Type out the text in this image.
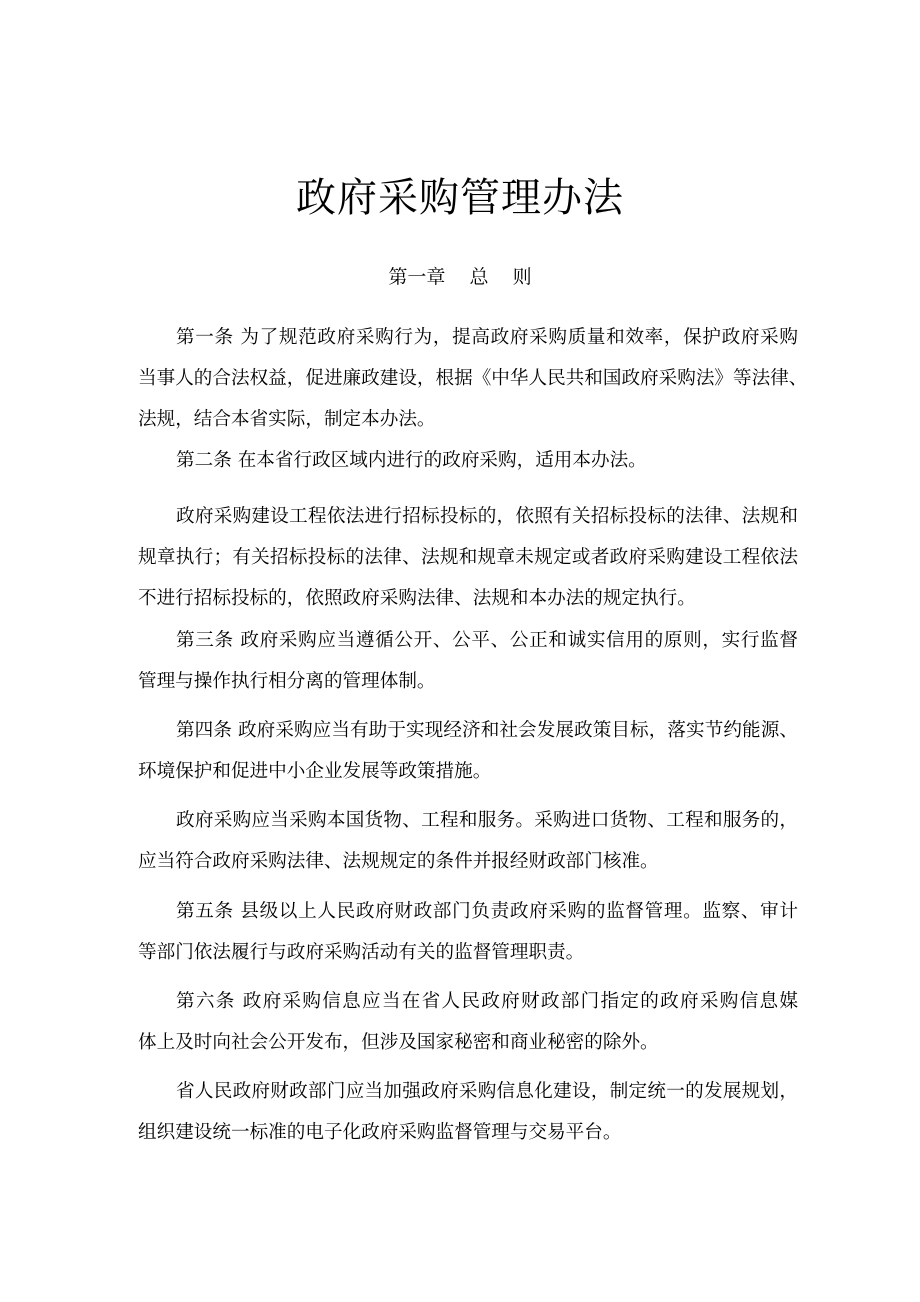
政府采购管理办法
第一章    总    则
第一条 为了规范政府采购行为，提高政府采购质量和效率，保护政府采购
当事人的合法权益，促进廉政建设，根据《中华人民共和国政府采购法》等法律、
法规，结合本省实际，制定本办法。
第二条 在本省行政区域内进行的政府采购，适用本办法。
政府采购建设工程依法进行招标投标的，依照有关招标投标的法律、法规和
规章执行；有关招标投标的法律、法规和规章未规定或者政府采购建设工程依法
不进行招标投标的，依照政府采购法律、法规和本办法的规定执行。
第三条 政府采购应当遵循公开、公平、公正和诚实信用的原则，实行监督
管理与操作执行相分离的管理体制。
第四条 政府采购应当有助于实现经济和社会发展政策目标，落实节约能源、
环境保护和促进中小企业发展等政策措施。
政府采购应当采购本国货物、工程和服务。采购进口货物、工程和服务的，
应当符合政府采购法律、法规规定的条件并报经财政部门核准。
第五条 县级以上人民政府财政部门负责政府采购的监督管理。监察、审计
等部门依法履行与政府采购活动有关的监督管理职责。
第六条 政府采购信息应当在省人民政府财政部门指定的政府采购信息媒
体上及时向社会公开发布，但涉及国家秘密和商业秘密的除外。
省人民政府财政部门应当加强政府采购信息化建设，制定统一的发展规划，
组织建设统一标准的电子化政府采购监督管理与交易平台。
